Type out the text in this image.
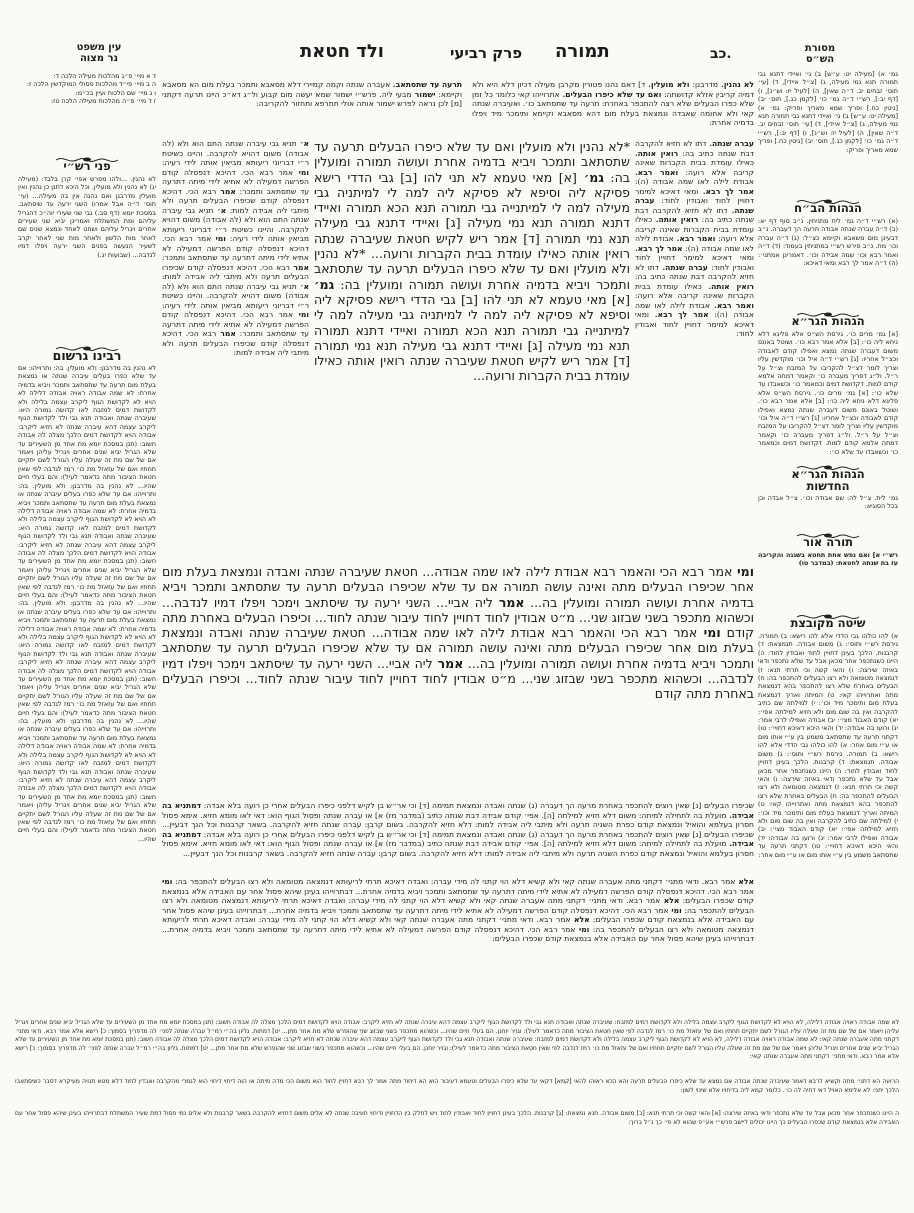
ולד חטאת	פרק רביעי תמורה	כב.
עין משפט
נר מצוה
מסורת
הש״ס
ד א מיי׳ פ״ג מהלכות מעילה הלכה ד:
ה ב מיי׳ פי״ד מהלכות פסולי המוקדשין הלכה ז:
ו ג מיי׳ שם הלכות ועיין בכ״מ:
ז ד מיי׳ פ״ה מהלכות מעילה הלכה טז:
פני רש״י
לא נהנין. ...ולהו מפרש אפי׳ קרן בלבד: (מעילה יג) לא נהנין ולא מועלין. וכל היכא דתנן כן נהנין ואין מועלין מדרבנן ואם נהנה אין בה מעילה... (עי׳ תוס׳ ד״ה אבל אמרו) השני ירעה עד שיסתאב. במסכת יומא (דף סב.) גבי שני שעירי יוה״כ דהגריל עליהם ומת המשתלח ואמרינן יביא שני שעירים אחרים ויגריל עליהם ושחט לאחד ונמצא שנים שם לאחר מות הלשון ולאחר מות שני לאחר יקרב לשעיר הנעשה בפנים השני ירעה ויפלו דמיו לנדבה... (שבועות יג.)
רבינו גרשום
לא נהנין בה מדרבנן: ולא מועלין. בה: ותרוייהו: אם עד שלא כפרו בעלים עיברה שנתה או נמצאת בעלת מום תרעה עד שתסתאב ותמכר ויביא בדמיה אחרת: לא שמה אבודה ראויה אבודה דלילה לא הויא לא לקדושת הגוף ליקרב עצמה בלילה ולא לקדושת דמים למזבח לאו קדושה גמורה היא: שעיברה שנתה ואבודה תנא גבי ולד לקדושת הגוף ליקרב עצמה דהא עיברה שנתה לא חזיא ליקרב: אבודה הויא לקדושת דמים הלכך מצלה לה אבודה חשוב: (תנן במסכת יומא מת אחד מן השעירים עד שלא הגריל יביא שנים אחרים ויגריל עליהן ויאמר אם של שם מת זה שעלה עליו הגורל לשם יתקיים תחתיו ואם של עזאזל מת כו׳ רמז לנדבה לפי שאין חטאת הציבור מתה כדאמר לעיל): והם בעלי חיים שהיו... לא נהנין בה מדרבנן: ולא מועלין. בה: ותרוייהו: אם עד שלא כפרו בעלים עיברה שנתה או נמצאת בעלת מום תרעה עד שתסתאב ותמכר ויביא בדמיה אחרת: לא שמה אבודה ראויה אבודה דלילה לא הויא לא לקדושת הגוף ליקרב עצמה בלילה ולא לקדושת דמים למזבח לאו קדושה גמורה היא: שעיברה שנתה ואבודה תנא גבי ולד לקדושת הגוף ליקרב עצמה דהא עיברה שנתה לא חזיא ליקרב: אבודה הויא לקדושת דמים הלכך מצלה לה אבודה חשוב: (תנן במסכת יומא מת אחד מן השעירים עד שלא הגריל יביא שנים אחרים ויגריל עליהן ויאמר אם של שם מת זה שעלה עליו הגורל לשם יתקיים תחתיו ואם של עזאזל מת כו׳ רמז לנדבה לפי שאין חטאת הציבור מתה כדאמר לעיל): והם בעלי חיים שהיו... לא נהנין בה מדרבנן: ולא מועלין. בה: ותרוייהו: אם עד שלא כפרו בעלים עיברה שנתה או נמצאת בעלת מום תרעה עד שתסתאב ותמכר ויביא בדמיה אחרת: לא שמה אבודה ראויה אבודה דלילה לא הויא לא לקדושת הגוף ליקרב עצמה בלילה ולא לקדושת דמים למזבח לאו קדושה גמורה היא: שעיברה שנתה ואבודה תנא גבי ולד לקדושת הגוף ליקרב עצמה דהא עיברה שנתה לא חזיא ליקרב: אבודה הויא לקדושת דמים הלכך מצלה לה אבודה חשוב: (תנן במסכת יומא מת אחד מן השעירים עד שלא הגריל יביא שנים אחרים ויגריל עליהן ויאמר אם של שם מת זה שעלה עליו הגורל לשם יתקיים תחתיו ואם של עזאזל מת כו׳ רמז לנדבה לפי שאין חטאת הציבור מתה כדאמר לעיל): והם בעלי חיים שהיו... לא נהנין בה מדרבנן: ולא מועלין. בה: ותרוייהו: אם עד שלא כפרו בעלים עיברה שנתה או נמצאת בעלת מום תרעה עד שתסתאב ותמכר ויביא בדמיה אחרת: לא שמה אבודה ראויה אבודה דלילה לא הויא לא לקדושת הגוף ליקרב עצמה בלילה ולא לקדושת דמים למזבח לאו קדושה גמורה היא: שעיברה שנתה ואבודה תנא גבי ולד לקדושת הגוף ליקרב עצמה דהא עיברה שנתה לא חזיא ליקרב: אבודה הויא לקדושת דמים הלכך מצלה לה אבודה חשוב: (תנן במסכת יומא מת אחד מן השעירים עד שלא הגריל יביא שנים אחרים ויגריל עליהן ויאמר אם של שם מת זה שעלה עליו הגורל לשם יתקיים תחתיו ואם של עזאזל מת כו׳ רמז לנדבה לפי שאין חטאת הציבור מתה כדאמר לעיל): והם בעלי חיים שהיו...
גמ׳ א) [מעילה יט: ע״ש] ב) גי׳ ואיידי דתנא גבי תמורה תנא נמי מעילה, ג) [צ״ל איידי], ד) [עי׳ תוס׳ זבחים יב. ד״ה שאין], ה) [לעיל יז: וש״נ], ו) [דף יב:], רש״י ד״ה גמ׳ כו׳ [לקמן כג.], תוס׳ יב) [גיטין כח.] ופריך שמא מאריך ופריק: גמ׳ א) [מעילה יט: ע״ש] ב) גי׳ ואיידי דתנא גבי תמורה תנא נמי מעילה, ג) [צ״ל איידי], ד) [עי׳ תוס׳ זבחים יב. ד״ה שאין], ה) [לעיל יז: וש״נ], ו) [דף יב:], רש״י ד״ה גמ׳ כו׳ [לקמן כג.], תוס׳ יב) [גיטין כח.] ופריך שמא מאריך ופריק:
הגהות הב״ח
(א) רש״י ד״ה גמ׳ לית מתניתין. נ״ב סוף דף יא: (ב) ד״ה עברה שנתה אבודה תרעה הך דעברה. נ״ב דבעינן מום משאבא וקיימא כצ״ל: (ג) ד״ה עברה וכו׳ מת. נ״ב פירש רש״י במתניתין בעמוד: (ד) ד״ה ואמר רבא וכו׳ שמה אבידה וכו׳. דאמרינן אמתני׳: (ה) ד״ה אמר לך רבא ומאי דאיכא:
הגהות הגר״א
[א] גמ׳ מרים כו׳. גירסת הש״ס אלא פליגא דלא ניחא ליה כו׳: [ב] אלא אמר רבא כו׳. ושוטל באונס משום דעברה שנתה נמצא ואפילו קודם לאבודה וכצ״ל אחריו: [ג] רש״י ד״ה איל וכו׳ מוקדשין עליו וצריך לומר דצ״ל להקריבו על המזבח וצ״ל על ר״ל. ול״ג דפריך מעברה כו׳ וקאמר דמתה אלמא קודם למות. דקדושת דמים וכמאמר כו׳ וכשאבדו עד שלא כו׳: [א] גמ׳ מרים כו׳. גירסת הש״ס אלא פליגא דלא ניחא ליה כו׳: [ב] אלא אמר רבא כו׳. ושוטל באונס משום דעברה שנתה נמצא ואפילו קודם לאבודה וכצ״ל אחריו: [ג] רש״י ד״ה איל וכו׳ מוקדשין עליו וצריך לומר דצ״ל להקריבו על המזבח וצ״ל על ר״ל. ול״ג דפריך מעברה כו׳ וקאמר דמתה אלמא קודם למות. דקדושת דמים וכמאמר כו׳ וכשאבדו עד שלא כו׳:
הגהות הגר״א
החדשות
גמ׳ לית. צ״ל לה: שם אבודה וכו׳. צ״ל אבדה וכן בכל הסוגיא:
תורה אור
רש״י א] ואם נפש אחת תחטא בשגגה והקריבה עז בת שנתה לחטאת: (במדבר טו)
שיטה מקובצת
א) להו כולהו גבי הדדי אלא להו רישא: ב) תמורה. גירסת רש״י ותוס׳: ג) משום אבודה. תנמצאת: ד) קרבנות. הלכך בעינן דחויין לחוד ואבודין לחוד: ה) היינו כשנתכפר אחר מכאן אבל עד שלא נתכפר ודאי באיזה שירצה: ו) והאי קשה וכי תרתי תנא: ז) דנמצאה מטומאה ולא רצו הבעלים להתכפר בה: ח) הבעלים באחרת שלא רצו להתכפר בהא דנמצאת מתה ואתרוייהו קאי: ט) המיתה ואריך דנמצאת בעלת מום ותימכר מיד וכו׳: י) למילתה שם כתיב להקרבה ואין בה שום מום ולא חזיא למילתה אפי׳: יא) קודם האבוד מצי׳: יב) אבודה ואפילו לרבי אמר: יג) ורועו בה אבודה: יד) והאי היכא דאיכא דחויי׳: טו) דקתני תרעה עד שתסתאב משמע בין ע״י אותו מום או ע״י מום אחר: א) להו כולהו גבי הדדי אלא להו רישא: ב) תמורה. גירסת רש״י ותוס׳: ג) משום אבודה. תנמצאת: ד) קרבנות. הלכך בעינן דחויין לחוד ואבודין לחוד: ה) היינו כשנתכפר אחר מכאן אבל עד שלא נתכפר ודאי באיזה שירצה: ו) והאי קשה וכי תרתי תנא: ז) דנמצאה מטומאה ולא רצו הבעלים להתכפר בה: ח) הבעלים באחרת שלא רצו להתכפר בהא דנמצאת מתה ואתרוייהו קאי: ט) המיתה ואריך דנמצאת בעלת מום ותימכר מיד וכו׳: י) למילתה שם כתיב להקרבה ואין בה שום מום ולא חזיא למילתה אפי׳: יא) קודם האבוד מצי׳: יב) אבודה ואפילו לרבי אמר: יג) ורועו בה אבודה: יד) והאי היכא דאיכא דחויי׳: טו) דקתני תרעה עד שתסתאב משמע בין ע״י אותו מום או ע״י מום אחר:
תרעה עד שתסתאב. אעברה שנתה וקמה קמיירי דלא מסאבא ותמכר בעלת מום הא מסאבא וקיימא: ישמור מבעי ליה. פרש״י ישמור שמא יעשה מום קבוע ול״ג דא״כ היינו תרעה דקתני [מ] לכן נראה לפרש ישמור אותה אולי תתרפא ותחזור להקריבה:
לא נהנין. מדרבנן: ולא מועלין. ד] דאם נהנו פטורין מקרבן מעילה דכיון דלא היא ולא דמיה קריבין אזלא קדושתה: ואם עד שלא כיפרו הבעלים. אתרוייהו קאי כלומר כל זמן שלא כפרו הבעלים שלא רצה להתכפר באחרת: תרעה עד שתסתאב כו׳. ואעיברה שנתה קאי ולא אחומה שאבדה ונמצאת בעלת מום דהא מסאבא וקיימא ותימכר מיד ויפלו בדמיה אחרת:
א׳ תניא גבי עיברה שנתה התם הוא ולא (לה אבודה) משום דהויא להקרבה. והיינו כשיטת ר״י דבריוני ריעותא מביאין אותה לידי רעיה: ומי אמר רבא הכי. דהיכא דנפסלה קודם הפרשה דמעילה לא אתיא לידי מיתה דתרעה עד שתסתאב ותמכר: אמר רבא הכי. דהיכא דנפסלה קודם שכיפרו הבעלים תרעה ולא מיתבי ליה אבידה למות: א׳ תניא גבי עיברה שנתה התם הוא ולא (לה אבודה) משום דהויא להקרבה. והיינו כשיטת ר״י דבריוני ריעותא מביאין אותה לידי רעיה: ומי אמר רבא הכי. דהיכא דנפסלה קודם הפרשה דמעילה לא אתיא לידי מיתה דתרעה עד שתסתאב ותמכר: אמר רבא הכי. דהיכא דנפסלה קודם שכיפרו הבעלים תרעה ולא מיתבי ליה אבידה למות: א׳ תניא גבי עיברה שנתה התם הוא ולא (לה אבודה) משום דהויא להקרבה. והיינו כשיטת ר״י דבריוני ריעותא מביאין אותה לידי רעיה: ומי אמר רבא הכי. דהיכא דנפסלה קודם הפרשה דמעילה לא אתיא לידי מיתה דתרעה עד שתסתאב ותמכר: אמר רבא הכי. דהיכא דנפסלה קודם שכיפרו הבעלים תרעה ולא מיתבי ליה אבידה למות:
*לא נהנין ולא מועלין ואם עד שלא כיפרו הבעלים תרעה עד שתסתאב ותמכר ויביא בדמיה אחרת ועושה תמורה ומועלין בה: גמ׳ [א] מאי טעמא לא תני להו [ב] גבי הדדי רישא פסיקא ליה וסיפא לא פסיקא ליה למה לי למיתניה גבי מעילה למה לי למיתנייה גבי תמורה תנא הכא תמורה ואיידי דתנא תמורה תנא נמי מעילה [ג] ואיידי דתנא גבי מעילה תנא נמי תמורה [ד] אמר ריש לקיש חטאת שעיברה שנתה רואין אותה כאילו עומדת בבית הקברות ורועה... *לא נהנין ולא מועלין ואם עד שלא כיפרו הבעלים תרעה עד שתסתאב ותמכר ויביא בדמיה אחרת ועושה תמורה ומועלין בה: גמ׳ [א] מאי טעמא לא תני להו [ב] גבי הדדי רישא פסיקא ליה וסיפא לא פסיקא ליה למה לי למיתניה גבי מעילה למה לי למיתנייה גבי תמורה תנא הכא תמורה ואיידי דתנא תמורה תנא נמי מעילה [ג] ואיידי דתנא גבי מעילה תנא נמי תמורה [ד] אמר ריש לקיש חטאת שעיברה שנתה רואין אותה כאילו עומדת בבית הקברות ורועה...
עברה שנתה. דתו לא חזיא להקרבה דבת שנתה כתיב בה: רואין אותה. כאילו עומדת בבית הקברות שאינה קריבה אלא רועה: ואמר רבא. אבודת לילה לאו שמה אבודה (ה): אמר לך רבא. ומאי דאיכא למימר דחויין לחוד ואבודין לחוד: עברה שנתה. דתו לא חזיא להקרבה דבת שנתה כתיב בה: רואין אותה. כאילו עומדת בבית הקברות שאינה קריבה אלא רועה: ואמר רבא. אבודת לילה לאו שמה אבודה (ה): אמר לך רבא. ומאי דאיכא למימר דחויין לחוד ואבודין לחוד: עברה שנתה. דתו לא חזיא להקרבה דבת שנתה כתיב בה: רואין אותה. כאילו עומדת בבית הקברות שאינה קריבה אלא רועה: ואמר רבא. אבודת לילה לאו שמה אבודה (ה): אמר לך רבא. ומאי דאיכא למימר דחויין לחוד ואבודין לחוד:
ומי אמר רבא הכי והאמר רבא אבודת לילה לאו שמה אבודה... חטאת שעיברה שנתה ואבדה ונמצאת בעלת מום אחר שכיפרו הבעלים מתה ואינה עושה תמורה אם עד שלא שכיפרו הבעלים תרעה עד שתסתאב ותמכר ויביא בדמיה אחרת ועושה תמורה ומועלין בה... אמר ליה אביי... השני ירעה עד שיסתאב וימכר ויפלו דמיו לנדבה... וכשהוא מתכפר בשני שבזוג שני... מ״ט אבודין לחוד דחויין לחוד עיבור שנתה לחוד... וכיפרו הבעלים באחרת מתה קודם ומי אמר רבא הכי והאמר רבא אבודת לילה לאו שמה אבודה... חטאת שעיברה שנתה ואבדה ונמצאת בעלת מום אחר שכיפרו הבעלים מתה ואינה עושה תמורה אם עד שלא שכיפרו הבעלים תרעה עד שתסתאב ותמכר ויביא בדמיה אחרת ועושה תמורה ומועלין בה... אמר ליה אביי... השני ירעה עד שיסתאב וימכר ויפלו דמיו לנדבה... וכשהוא מתכפר בשני שבזוג שני... מ״ט אבודין לחוד דחויין לחוד עיבור שנתה לחוד... וכיפרו הבעלים באחרת מתה קודם
שכיפרו הבעלים [נ] שאין רוצים להתכפר באחרת מרעה הך דעברה (ג) שנתה ואבדה ונמצאת תמימה [ד] וכי אר״ש בן לקיש דלפני כיפרו הבעלים אחרי כן רועה בלא אבדה: דמתניא בה אבידה. מועלת בה לתחילה למיתה: משום דלא חזיא למילתה [ה]. אפי׳ קודם אבידה דבת שנתה כתיב (במדבר מז) א] או עברה שנתה ופסול הגוף הוא: דאי לאו מומא חזיא. אימא פסול חסרון בעלמא והואיל ונמצאת קודם כפרת השניה תרעה ולא מיתבי ליה אבידה למות: דלא חזיא להקרבה. בשום קרבן: עברה שנתה חזיא להקרבה. בשאר קרבנות וכל הנך דבעיין... שכיפרו הבעלים [נ] שאין רוצים להתכפר באחרת מרעה הך דעברה (ג) שנתה ואבדה ונמצאת תמימה [ד] וכי אר״ש בן לקיש דלפני כיפרו הבעלים אחרי כן רועה בלא אבדה: דמתניא בה אבידה. מועלת בה לתחילה למיתה: משום דלא חזיא למילתה [ה]. אפי׳ קודם אבידה דבת שנתה כתיב (במדבר מז) א] או עברה שנתה ופסול הגוף הוא: דאי לאו מומא חזיא. אימא פסול חסרון בעלמא והואיל ונמצאת קודם כפרת השניה תרעה ולא מיתבי ליה אבידה למות: דלא חזיא להקרבה. בשום קרבן: עברה שנתה חזיא להקרבה. בשאר קרבנות וכל הנך דבעיין...
אלא אמר רבא. ודאי מתני׳ דקתני מתה אעברה שנתה קאי ולא קשיא דלא הוי קתני לה מידי עברה: ואבדה דאיכא תרתי לריעותא דנמצאה מטומאה ולא רצו הבעלים להתכפר בה: ומי אמר רבא הכי. דהיכא דנפסלה קודם הפרשה דמעילה לא אתיא לידי מיתה דתרעה עד שתסתאב ותמכר ויביא בדמיה אחרת... דבתרוייהו בעינן שיהא פסול אחר עם האבידה אלא בנמצאת קודם שכפרו הבעלים: אלא אמר רבא. ודאי מתני׳ דקתני מתה אעברה שנתה קאי ולא קשיא דלא הוי קתני לה מידי עברה: ואבדה דאיכא תרתי לריעותא דנמצאה מטומאה ולא רצו הבעלים להתכפר בה: ומי אמר רבא הכי. דהיכא דנפסלה קודם הפרשה דמעילה לא אתיא לידי מיתה דתרעה עד שתסתאב ותמכר ויביא בדמיה אחרת... דבתרוייהו בעינן שיהא פסול אחר עם האבידה אלא בנמצאת קודם שכפרו הבעלים: אלא אמר רבא. ודאי מתני׳ דקתני מתה אעברה שנתה קאי ולא קשיא דלא הוי קתני לה מידי עברה: ואבדה דאיכא תרתי לריעותא דנמצאה מטומאה ולא רצו הבעלים להתכפר בה: ומי אמר רבא הכי. דהיכא דנפסלה קודם הפרשה דמעילה לא אתיא לידי מיתה דתרעה עד שתסתאב ותמכר ויביא בדמיה אחרת... דבתרוייהו בעינן שיהא פסול אחר עם האבידה אלא בנמצאת קודם שכפרו הבעלים:
לא שמה אבודה ראויה אבודה דלילה, לא הויא לא לקדושת הגוף ליקרב עצמה בלילה ולא לקדושת דמים למזבח: שעיברה שנתה ואבודה תנא גבי ולד לקדושת הגוף ליקרב עצמה דהא עיברה שנתה לא חזיא ליקרב: אבודה הויא לקדושת דמים הלכך מצלה לה אבודה חשוב: (תנן במסכת יומא מת אחד מן השעירים עד שלא הגריל יביא שנים אחרים ויגריל עליהן ויאמר אם של שם מת זה שעלה עליו הגורל לשם יתקיים תחתיו ואם של עזאזל מת כו׳ רמז לנדבה לפי שאין חטאת הציבור מתה כדאמר לעיל): וגזיר יוחנן. הם בעלי חיים שהיו... וכשהוא מתכפר בשני שבזוג שני שהופרש שלא מת אחר מתן... יט] דמתות. גליון בה״י רמ״ל עברה שנתה לפני׳ לה מדפריך בסמוך: כ] רישא אלא אמר רבא. ודאי מתני׳ דקתני מתה אעברה שנתה קאי: לא שמה אבודה ראויה אבודה דלילה, לא הויא לא לקדושת הגוף ליקרב עצמה בלילה ולא לקדושת דמים למזבח: שעיברה שנתה ואבודה תנא גבי ולד לקדושת הגוף ליקרב עצמה דהא עיברה שנתה לא חזיא ליקרב: אבודה הויא לקדושת דמים הלכך מצלה לה אבודה חשוב: (תנן במסכת יומא מת אחד מן השעירים עד שלא הגריל יביא שנים אחרים ויגריל עליהן ויאמר אם של שם מת זה שעלה עליו הגורל לשם יתקיים תחתיו ואם של עזאזל מת כו׳ רמז לנדבה לפי שאין חטאת הציבור מתה כדאמר לעיל): וגזיר יוחנן. הם בעלי חיים שהיו... וכשהוא מתכפר בשני שבזוג שני שהופרש שלא מת אחר מתן... יט] דמתות. גליון בה״י רמ״ל עברה שנתה לפני׳ לה מדפריך בסמוך: כ] רישא אלא אמר רבא. ודאי מתני׳ דקתני מתה אעברה שנתה קאי:
הרועה הא דתני׳ מתה וקשיא לרבא דאמר שעיברה שנתה אבודה אם נמצא עד שלא כיפרו הבעלים תרעה והא הכא ראוהו להאי [קמא] דקאי עד שלא כיפרו הבעלים וטעמא דעיבור הוא הא דיחוד מתה אמר לך רבא דחויין לחוד הוא משום הכי מדה מיתה או הוה דיחוי דיחוי הוא לגמרי מהקרבה ואבדין לחוד דלא מטא תנויה מעיקרא דסבר כשיסתאבו הלכך יתני: לא אלימא האויל דאי דחיה לה כו׳. כלומר קמא ליה בדיחויו אלא שינוי לשון:
ה היינו כשנתכפר אחר מכאן אבל עד שלא נתכפר ודאי באיזה שירצה: [א] והאי קשה וכי תרתי תנא: [ב] משום אבודה. תנא נמצאת: [ג] קרבנות. הלכך בעינן דחויין לחוד ואבודין לחוד ויש לחלק בין הדחויין ודיחוי תעיבה שנתה לא אלים משום דחזיא להקרבה בשאר קרבנות ולא אלים נמי פסול דמת שעיר המשתלח דבתרוייהו בעינן שיהא פסול אחר עם האבידה אלא בנמצאת קודם שכפרו הבעלים כך היינו יכולים ליישב פרש״י אע״פ שהוא לא פי׳ כך נ״ל ברוך:
